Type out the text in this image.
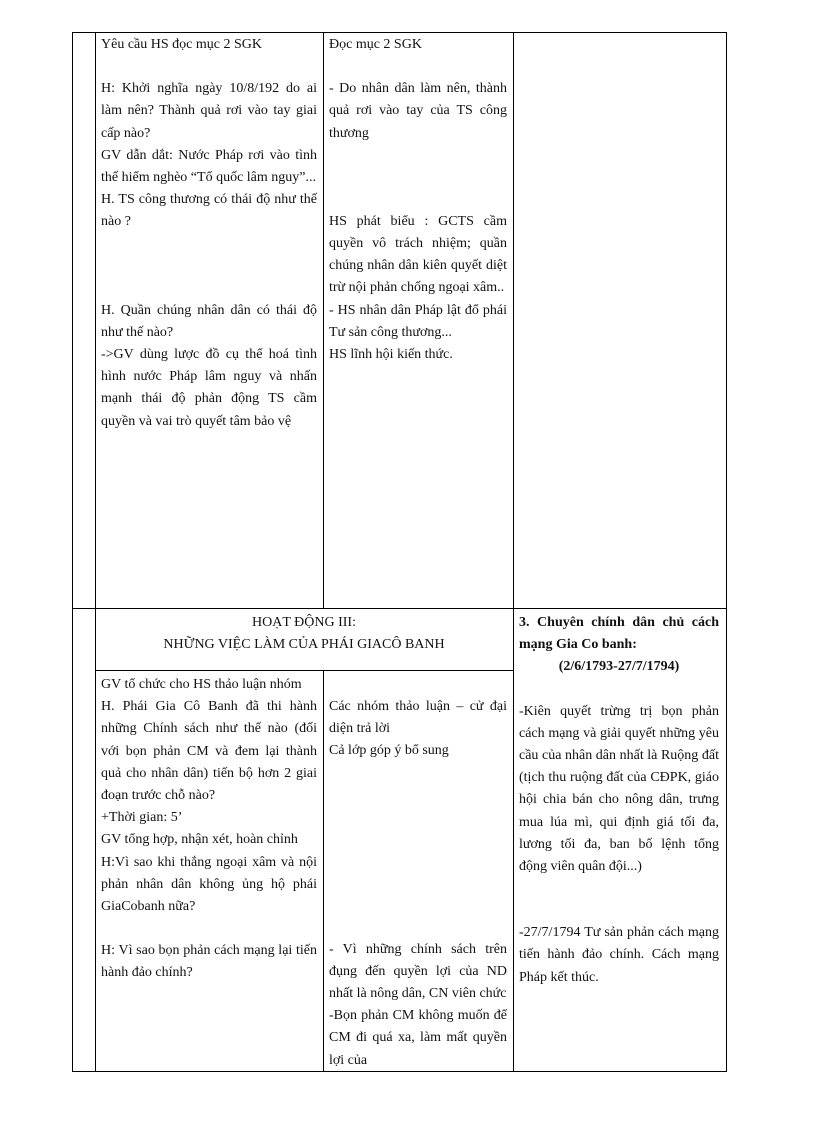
Yêu cầu HS đọc mục 2 SGK

H: Khởi nghĩa ngày 10/8/192 do ai làm nên? Thành quả rơi vào tay giai cấp nào?

GV dẫn dắt: Nước Pháp rơi vào tình thế hiểm nghèo “Tổ quốc lâm nguy”...

H. TS công thương có thái độ như thế nào ?

H. Quần chúng nhân dân có thái độ như thế nào?

->GV dùng lược đồ cụ thể hoá tình hình nước Pháp lâm nguy và nhấn mạnh thái độ phản động TS cầm quyền và vai trò quyết tâm bảo vệ

Đọc mục 2 SGK

- Do nhân dân làm nên, thành quả rơi vào tay của TS công thương

HS phát biểu : GCTS cầm quyền vô trách nhiệm; quần chúng nhân dân kiên quyết diệt trừ nội phản chống ngoại xâm..

- HS nhân dân Pháp lật đổ phái Tư sản công thương...

HS lĩnh hội kiến thức.

HOẠT ĐỘNG III:

NHỮNG VIỆC LÀM CỦA PHÁI GIACÔ BANH

3. Chuyên chính dân chủ cách mạng Gia Co banh:

(2/6/1793-27/7/1794)

-Kiên quyết trừng trị bọn phản cách mạng và giải quyết những yêu cầu của nhân dân nhất là Ruộng đất (tịch thu ruộng đất của CĐPK, giáo hội chia bán cho nông dân, trưng mua lúa mì, qui định giá tối đa, lương tối đa, ban bố lệnh tổng động viên quân đội...)

-27/7/1794 Tư sản phản cách mạng tiến hành đảo chính. Cách mạng Pháp kết thúc.

GV tổ chức cho HS thảo luận nhóm

H. Phái Gia Cô Banh đã thi hành những Chính sách như thế nào (đối với bọn phản CM và đem lại thành quả cho nhân dân) tiến bộ hơn 2 giai đoạn trước chỗ nào?

+Thời gian: 5’

GV tổng hợp, nhận xét, hoàn chỉnh

H:Vì sao khi thắng ngoại xâm và nội phản nhân dân không ủng hộ phái GiaCobanh nữa?

H: Vì sao bọn phản cách mạng lại tiến hành đảo chính?

Các nhóm thảo luận – cử đại diện trả lời

Cả lớp góp ý bổ sung

- Vì những chính sách trên đụng đến quyền lợi của ND nhất là nông dân, CN viên chức

-Bọn phản CM không muốn để CM đi quá xa, làm mất quyền lợi của
